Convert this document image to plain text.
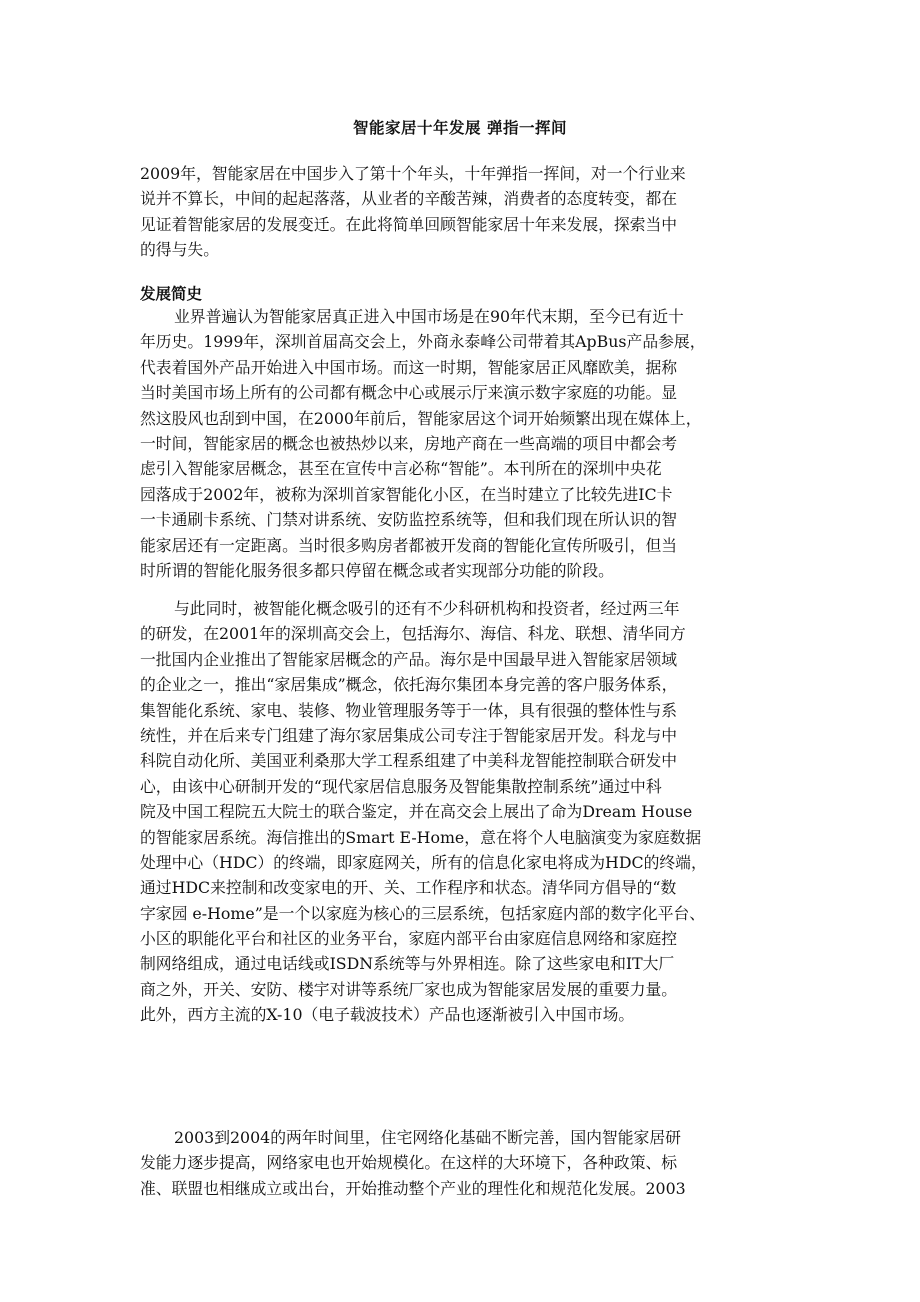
智能家居十年发展 弹指一挥间

2009年，智能家居在中国步入了第十个年头，十年弹指一挥间，对一个行业来
说并不算长，中间的起起落落，从业者的辛酸苦辣，消费者的态度转变，都在
见证着智能家居的发展变迁。在此将简单回顾智能家居十年来发展，探索当中
的得与失。

发展简史

业界普遍认为智能家居真正进入中国市场是在90年代末期，至今已有近十
年历史。1999年，深圳首届高交会上，外商永泰峰公司带着其ApBus产品参展，
代表着国外产品开始进入中国市场。而这一时期，智能家居正风靡欧美，据称
当时美国市场上所有的公司都有概念中心或展示厅来演示数字家庭的功能。显
然这股风也刮到中国，在2000年前后，智能家居这个词开始频繁出现在媒体上，
一时间，智能家居的概念也被热炒以来，房地产商在一些高端的项目中都会考
虑引入智能家居概念，甚至在宣传中言必称“智能”。本刊所在的深圳中央花
园落成于2002年，被称为深圳首家智能化小区，在当时建立了比较先进IC卡
一卡通刷卡系统、门禁对讲系统、安防监控系统等，但和我们现在所认识的智
能家居还有一定距离。当时很多购房者都被开发商的智能化宣传所吸引，但当
时所谓的智能化服务很多都只停留在概念或者实现部分功能的阶段。

与此同时，被智能化概念吸引的还有不少科研机构和投资者，经过两三年
的研发，在2001年的深圳高交会上，包括海尔、海信、科龙、联想、清华同方
一批国内企业推出了智能家居概念的产品。海尔是中国最早进入智能家居领域
的企业之一，推出“家居集成”概念，依托海尔集团本身完善的客户服务体系，
集智能化系统、家电、装修、物业管理服务等于一体，具有很强的整体性与系
统性，并在后来专门组建了海尔家居集成公司专注于智能家居开发。科龙与中
科院自动化所、美国亚利桑那大学工程系组建了中美科龙智能控制联合研发中
心，由该中心研制开发的“现代家居信息服务及智能集散控制系统”通过中科
院及中国工程院五大院士的联合鉴定，并在高交会上展出了命为Dream House
的智能家居系统。海信推出的Smart E-Home，意在将个人电脑演变为家庭数据
处理中心（HDC）的终端，即家庭网关，所有的信息化家电将成为HDC的终端，
通过HDC来控制和改变家电的开、关、工作程序和状态。清华同方倡导的“数
字家园 e-Home”是一个以家庭为核心的三层系统，包括家庭内部的数字化平台、
小区的职能化平台和社区的业务平台，家庭内部平台由家庭信息网络和家庭控
制网络组成，通过电话线或ISDN系统等与外界相连。除了这些家电和IT大厂
商之外，开关、安防、楼宇对讲等系统厂家也成为智能家居发展的重要力量。
此外，西方主流的X-10（电子载波技术）产品也逐渐被引入中国市场。

2003到2004的两年时间里，住宅网络化基础不断完善，国内智能家居研
发能力逐步提高，网络家电也开始规模化。在这样的大环境下，各种政策、标
准、联盟也相继成立或出台，开始推动整个产业的理性化和规范化发展。2003
